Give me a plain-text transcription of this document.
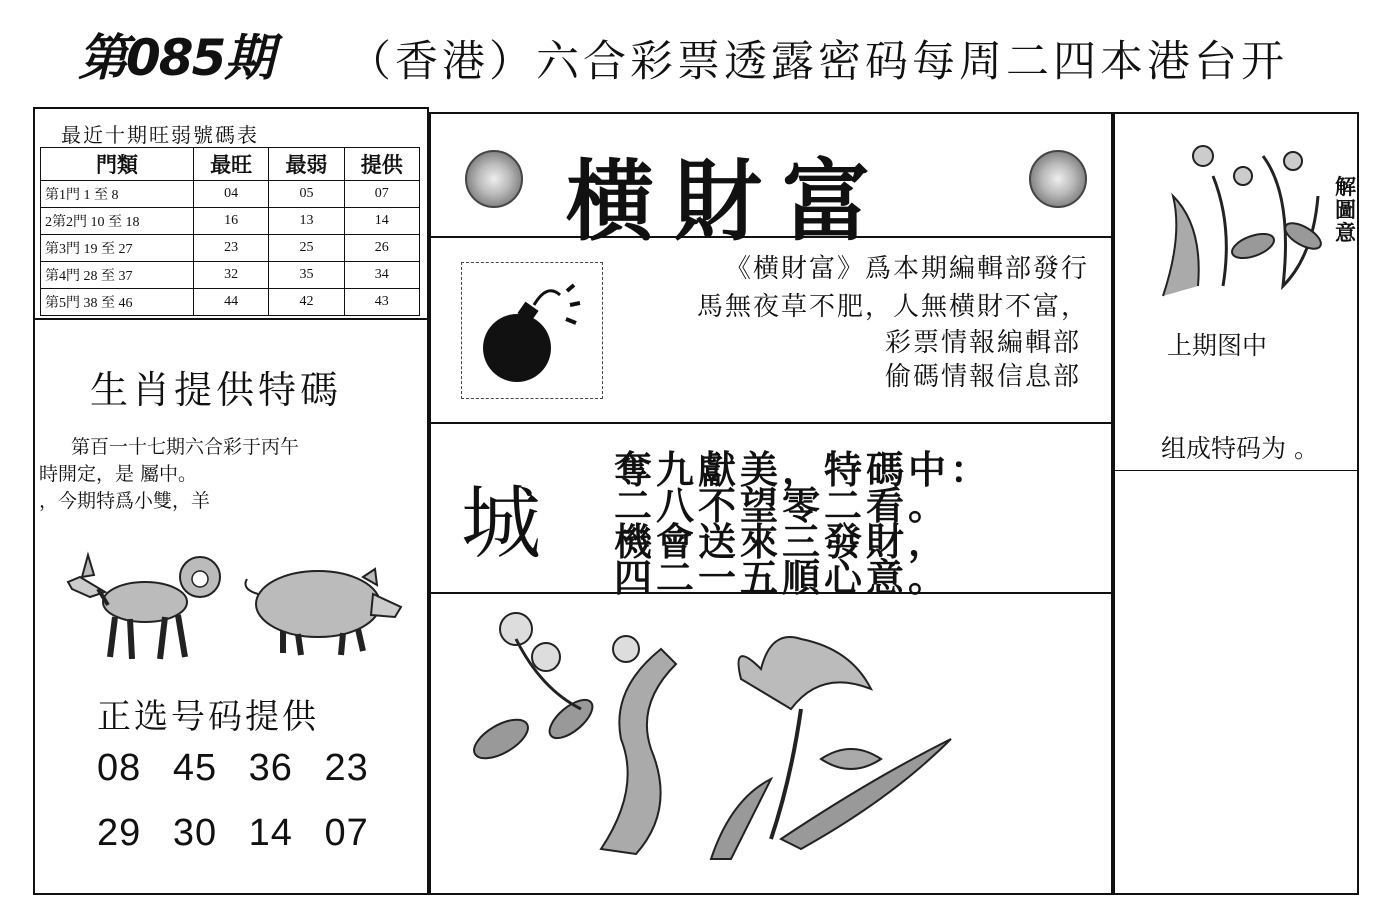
第085期 （香港）六合彩票透露密码每周二四本港台开
最近十期旺弱號碼表
門類	最旺	最弱	提供
第1門 1 至 8	04	05	07
2第2門 10 至 18	16	13	14
第3門 19 至 27	23	25	26
第4門 28 至 37	32	35	34
第5門 38 至 46	44	42	43
生肖提供特碼
第百一十七期六合彩于丙午
時開定，是 屬中。
，今期特爲小雙，羊
正选号码提供
08 45 36 23
29 30 14 07
横財富
《横財富》爲本期編輯部發行
馬無夜草不肥，人無横財不富，
彩票情報編輯部
偷碼情報信息部
城
奪九獻美，特碼中：
二八不望零二看。
機會送來三發財，
四二一五順心意。
解
圖
意
上期图中
组成特码为 。
